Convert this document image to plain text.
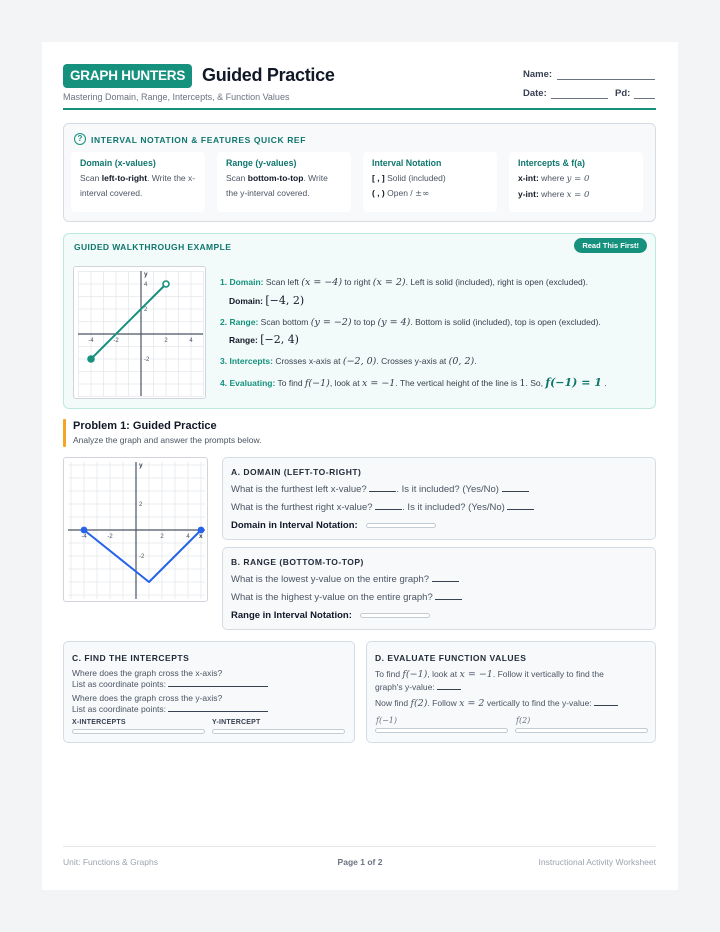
GRAPH HUNTERS Guided Practice
Mastering Domain, Range, Intercepts, & Function Values
Name:
Date:	Pd:
?	INTERVAL NOTATION & FEATURES QUICK REF
Domain (x-values)
Scan left-to-right. Write the x-interval covered.
Range (y-values)
Scan bottom-to-top. Write the y-interval covered.
Interval Notation
[ , ] Solid (included)
( , ) Open / ±∞
Intercepts & f(a)
x-int: where y = 0
y-int: where x = 0
GUIDED WALKTHROUGH EXAMPLE	Read This First!
-4	-2	2	4
4
2
-2
y
1. Domain: Scan left (x = −4) to right (x = 2). Left is solid (included), right is open (excluded).
Domain: [−4, 2)
2. Range: Scan bottom (y = −2) to top (y = 4). Bottom is solid (included), top is open (excluded).
Range: [−2, 4)
3. Intercepts: Crosses x-axis at (−2, 0). Crosses y-axis at (0, 2).
4. Evaluating: To find f(−1), look at x = −1. The vertical height of the line is 1. So, f(−1) = 1 .
Problem 1: Guided Practice
Analyze the graph and answer the prompts below.
-4	-2	2	4
2
-2
y
x
A. DOMAIN (LEFT-TO-RIGHT)
What is the furthest left x-value?	. Is it included? (Yes/No)
What is the furthest right x-value?	. Is it included? (Yes/No)
Domain in Interval Notation:
B. RANGE (BOTTOM-TO-TOP)
What is the lowest y-value on the entire graph?
What is the highest y-value on the entire graph?
Range in Interval Notation:
C. FIND THE INTERCEPTS
Where does the graph cross the x-axis?
List as coordinate points:
Where does the graph cross the y-axis?
List as coordinate points:
X-INTERCEPTS	Y-INTERCEPT
D. EVALUATE FUNCTION VALUES
To find f(−1), look at x = −1. Follow it vertically to find the
graph's y-value:
Now find f(2). Follow x = 2 vertically to find the y-value:
f(−1)	f(2)
Unit: Functions & Graphs	Page 1 of 2	Instructional Activity Worksheet
